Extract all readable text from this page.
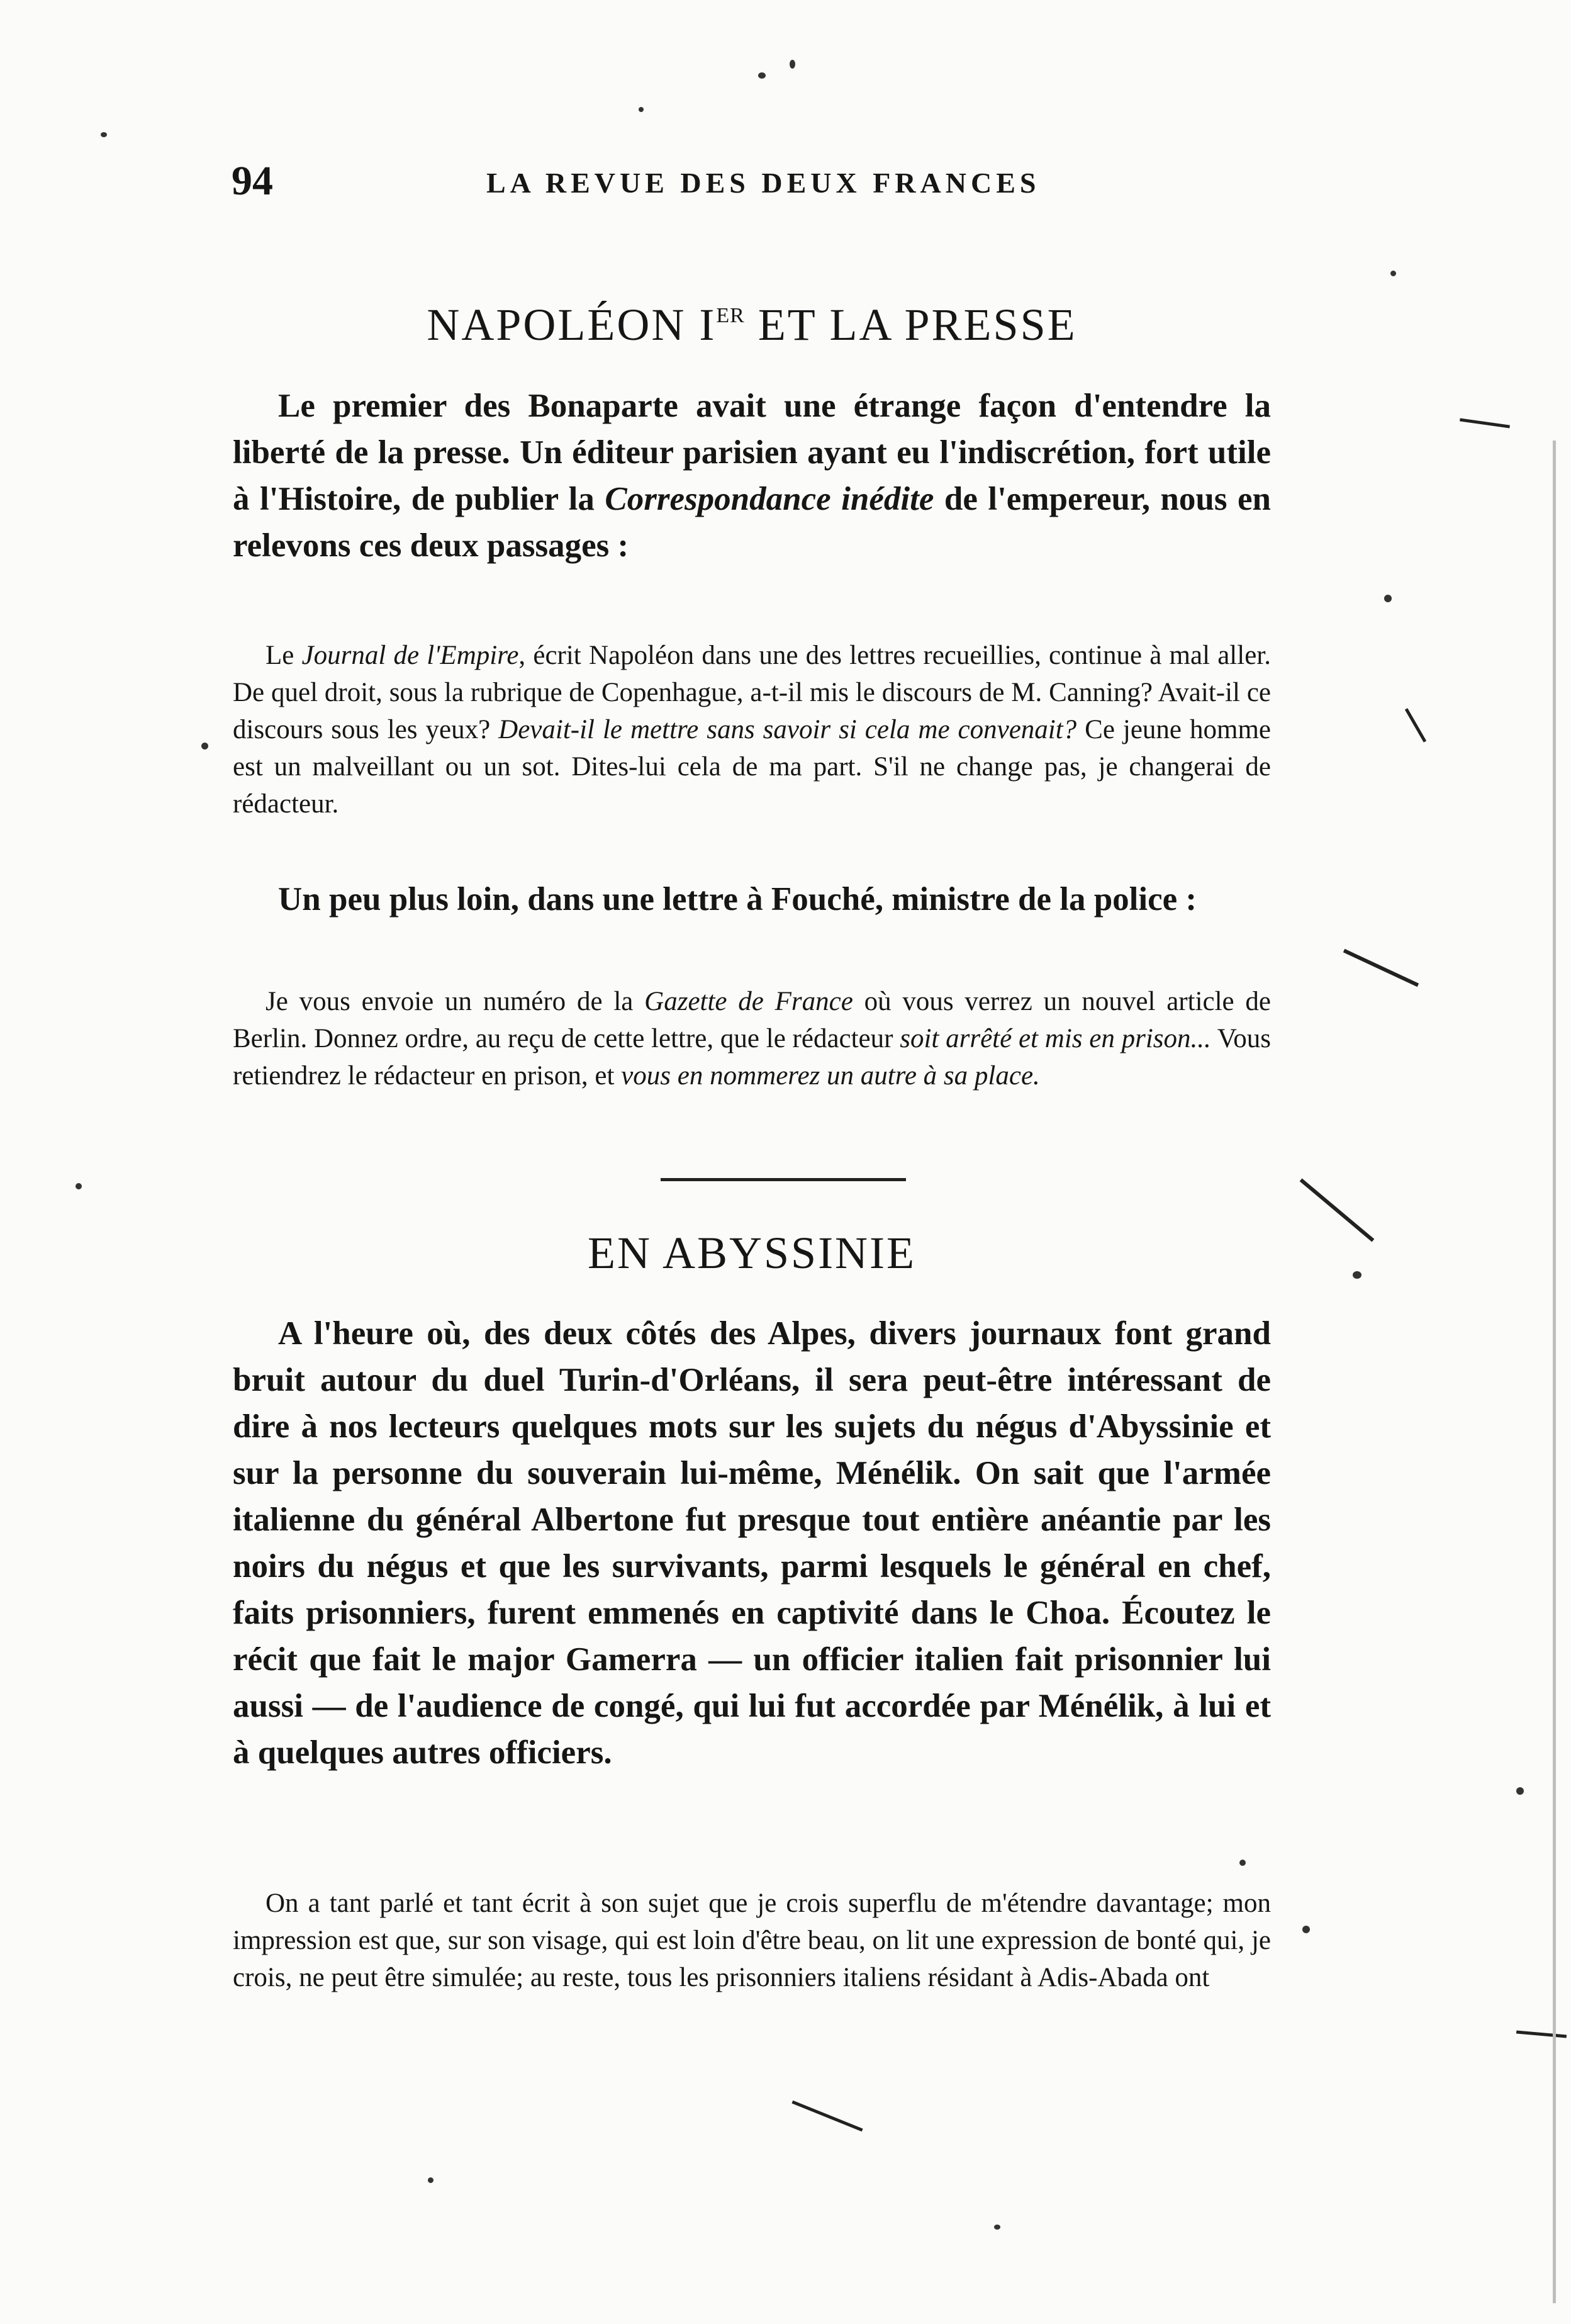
94	LA REVUE DES DEUX FRANCES
NAPOLÉON IER ET LA PRESSE

Le premier des Bonaparte avait une étrange façon d'entendre la liberté de la presse. Un éditeur parisien ayant eu l'indiscrétion, fort utile à l'Histoire, de publier la Correspondance inédite de l'empereur, nous en relevons ces deux passages :

Le Journal de l'Empire, écrit Napoléon dans une des lettres recueillies, continue à mal aller. De quel droit, sous la rubrique de Copenhague, a-t-il mis le discours de M. Canning? Avait-il ce discours sous les yeux? Devait-il le mettre sans savoir si cela me convenait? Ce jeune homme est un malveillant ou un sot. Dites-lui cela de ma part. S'il ne change pas, je changerai de rédacteur.

Un peu plus loin, dans une lettre à Fouché, ministre de la police :

Je vous envoie un numéro de la Gazette de France où vous verrez un nouvel article de Berlin. Donnez ordre, au reçu de cette lettre, que le rédacteur soit arrêté et mis en prison... Vous retiendrez le rédacteur en prison, et vous en nommerez un autre à sa place.

EN ABYSSINIE

A l'heure où, des deux côtés des Alpes, divers journaux font grand bruit autour du duel Turin-d'Orléans, il sera peut-être intéressant de dire à nos lecteurs quelques mots sur les sujets du négus d'Abyssinie et sur la personne du souverain lui-même, Ménélik. On sait que l'armée italienne du général Albertone fut presque tout entière anéantie par les noirs du négus et que les survivants, parmi lesquels le général en chef, faits prisonniers, furent emmenés en captivité dans le Choa. Écoutez le récit que fait le major Gamerra — un officier italien fait prisonnier lui aussi — de l'audience de congé, qui lui fut accordée par Ménélik, à lui et à quelques autres officiers.

On a tant parlé et tant écrit à son sujet que je crois superflu de m'étendre davantage; mon impression est que, sur son visage, qui est loin d'être beau, on lit une expression de bonté qui, je crois, ne peut être simulée; au reste, tous les prisonniers italiens résidant à Adis-Abada ont
